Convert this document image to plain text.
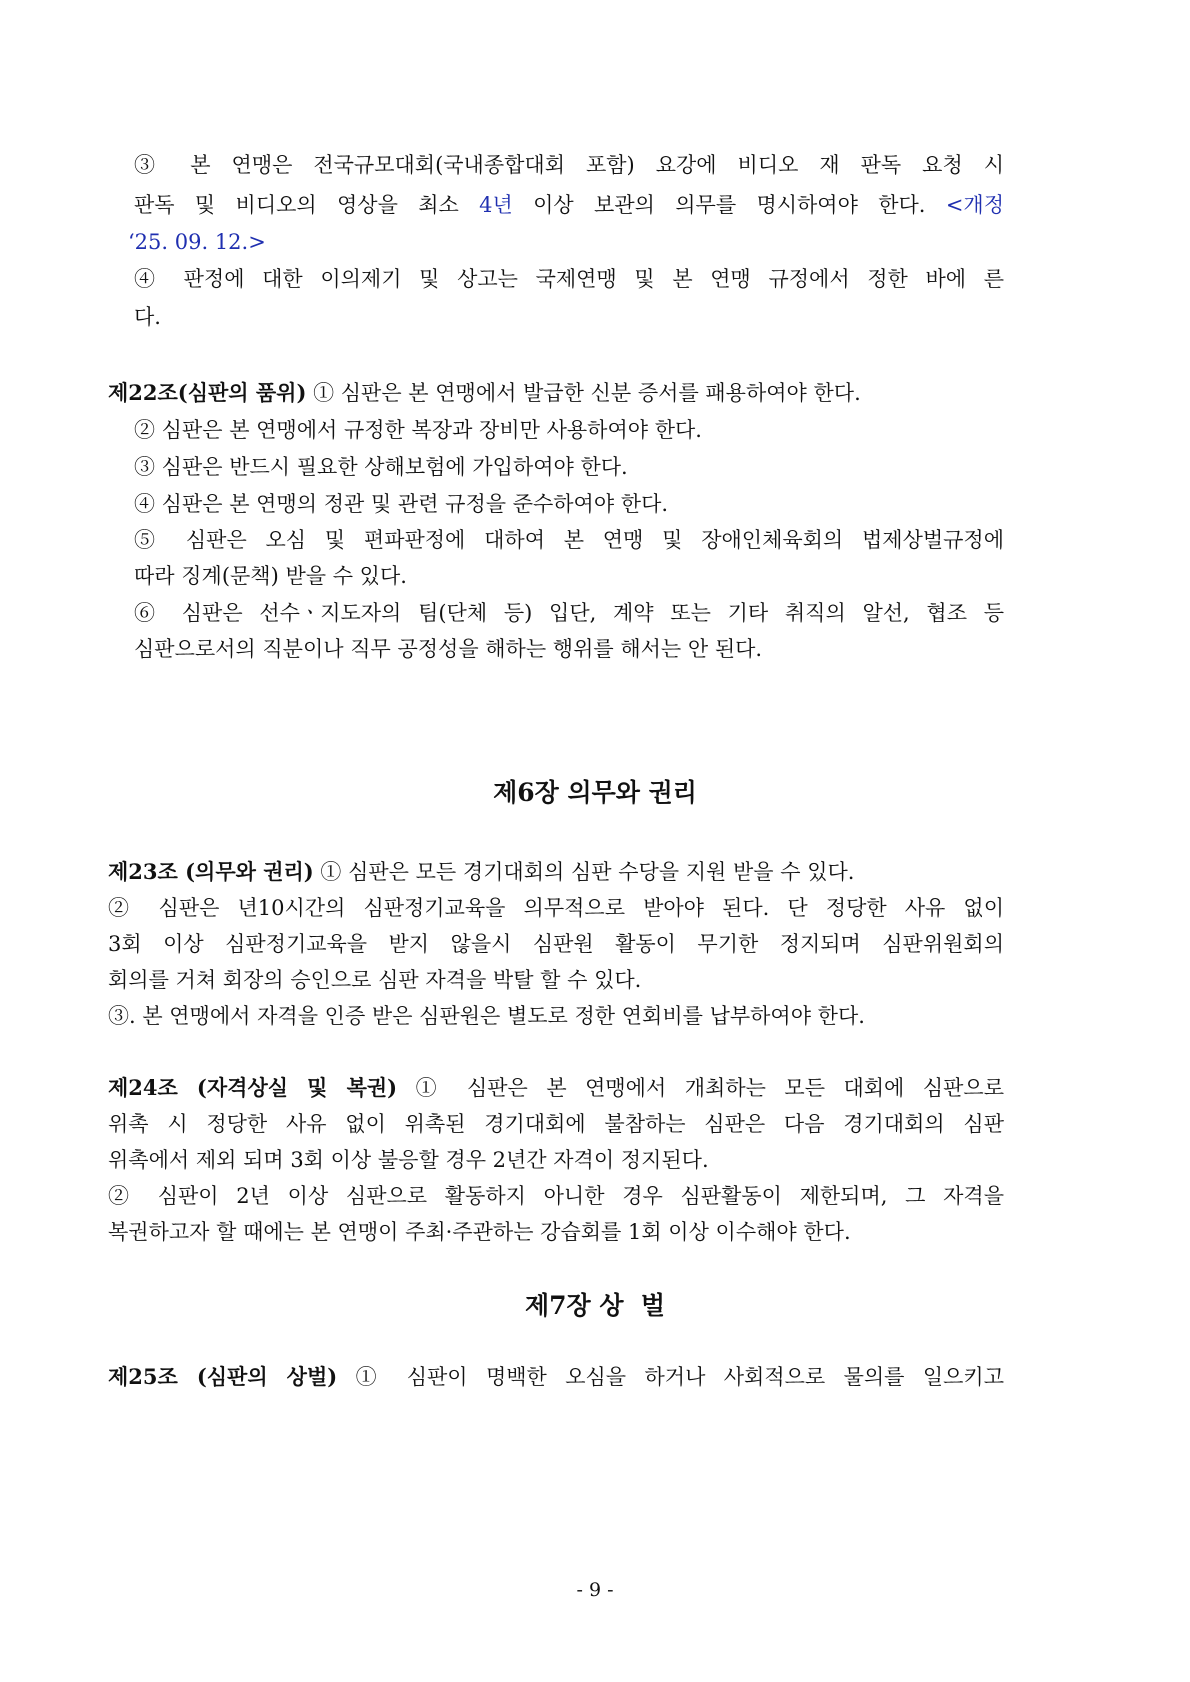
③ 본 연맹은 전국규모대회(국내종합대회 포함) 요강에 비디오 재 판독 요청 시
판독 및 비디오의 영상을 최소 4년 이상 보관의 의무를 명시하여야 한다. <개정
‘25. 09. 12.>
④ 판정에 대한 이의제기 및 상고는 국제연맹 및 본 연맹 규정에서 정한 바에 른
다.
제22조(심판의 품위) ① 심판은 본 연맹에서 발급한 신분 증서를 패용하여야 한다.
② 심판은 본 연맹에서 규정한 복장과 장비만 사용하여야 한다.
③ 심판은 반드시 필요한 상해보험에 가입하여야 한다.
④ 심판은 본 연맹의 정관 및 관련 규정을 준수하여야 한다.
⑤ 심판은 오심 및 편파판정에 대하여 본 연맹 및 장애인체육회의 법제상벌규정에
따라 징계(문책) 받을 수 있다.
⑥ 심판은 선수ㆍ지도자의 팀(단체 등) 입단, 계약 또는 기타 취직의 알선, 협조 등
심판으로서의 직분이나 직무 공정성을 해하는 행위를 해서는 안 된다.
제6장 의무와 권리
제23조 (의무와 권리) ① 심판은 모든 경기대회의 심판 수당을 지원 받을 수 있다.
② 심판은 년10시간의 심판정기교육을 의무적으로 받아야 된다. 단 정당한 사유 없이
3회 이상 심판정기교육을 받지 않을시 심판원 활동이 무기한 정지되며 심판위원회의
회의를 거쳐 회장의 승인으로 심판 자격을 박탈 할 수 있다.
③. 본 연맹에서 자격을 인증 받은 심판원은 별도로 정한 연회비를 납부하여야 한다.
제24조 (자격상실 및 복권) ① 심판은 본 연맹에서 개최하는 모든 대회에 심판으로
위촉 시 정당한 사유 없이 위촉된 경기대회에 불참하는 심판은 다음 경기대회의 심판
위촉에서 제외 되며 3회 이상 불응할 경우 2년간 자격이 정지된다.
② 심판이 2년 이상 심판으로 활동하지 아니한 경우 심판활동이 제한되며, 그 자격을
복권하고자 할 때에는 본 연맹이 주최·주관하는 강습회를 1회 이상 이수해야 한다.
제7장 상  벌
제25조 (심판의 상벌) ① 심판이 명백한 오심을 하거나 사회적으로 물의를 일으키고
- 9 -
